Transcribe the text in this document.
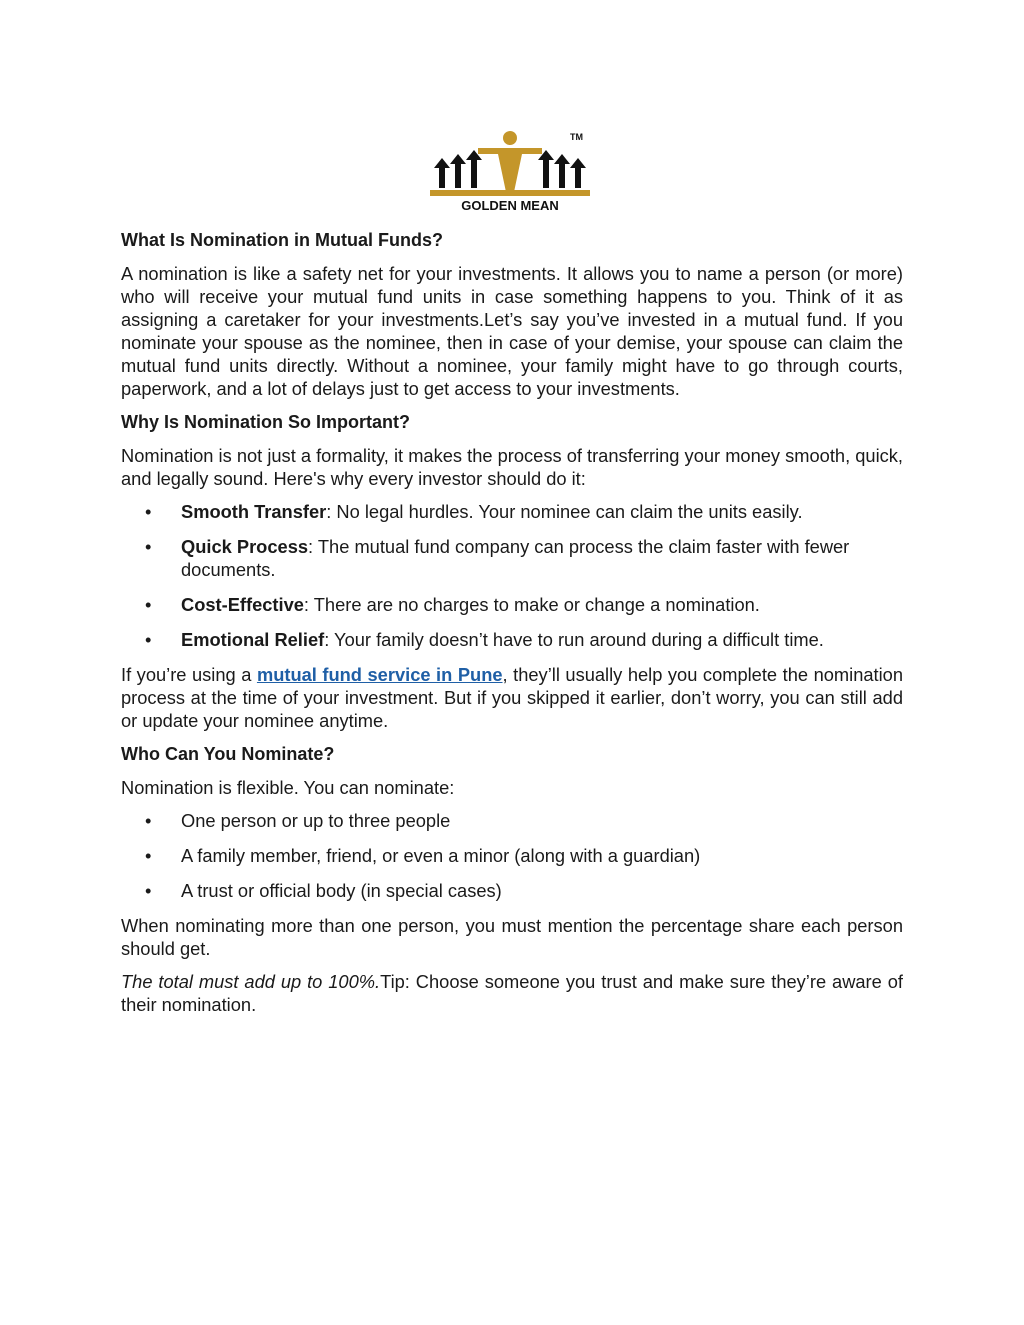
TM
GOLDEN MEAN
What Is Nomination in Mutual Funds?

A nomination is like a safety net for your investments. It allows you to name a person (or more) who will receive your mutual fund units in case something happens to you. Think of it as assigning a caretaker for your investments.Let’s say you’ve invested in a mutual fund. If you nominate your spouse as the nominee, then in case of your demise, your spouse can claim the mutual fund units directly. Without a nominee, your family might have to go through courts, paperwork, and a lot of delays just to get access to your investments.

Why Is Nomination So Important?

Nomination is not just a formality, it makes the process of transferring your money smooth, quick, and legally sound. Here's why every investor should do it:

• Smooth Transfer: No legal hurdles. Your nominee can claim the units easily.
• Quick Process: The mutual fund company can process the claim faster with fewer documents.
• Cost-Effective: There are no charges to make or change a nomination.
• Emotional Relief: Your family doesn’t have to run around during a difficult time.

If you’re using a mutual fund service in Pune, they’ll usually help you complete the nomination process at the time of your investment. But if you skipped it earlier, don’t worry, you can still add or update your nominee anytime.

Who Can You Nominate?

Nomination is flexible. You can nominate:

• One person or up to three people
• A family member, friend, or even a minor (along with a guardian)
• A trust or official body (in special cases)

When nominating more than one person, you must mention the percentage share each person should get.

The total must add up to 100%.Tip: Choose someone you trust and make sure they’re aware of their nomination.
